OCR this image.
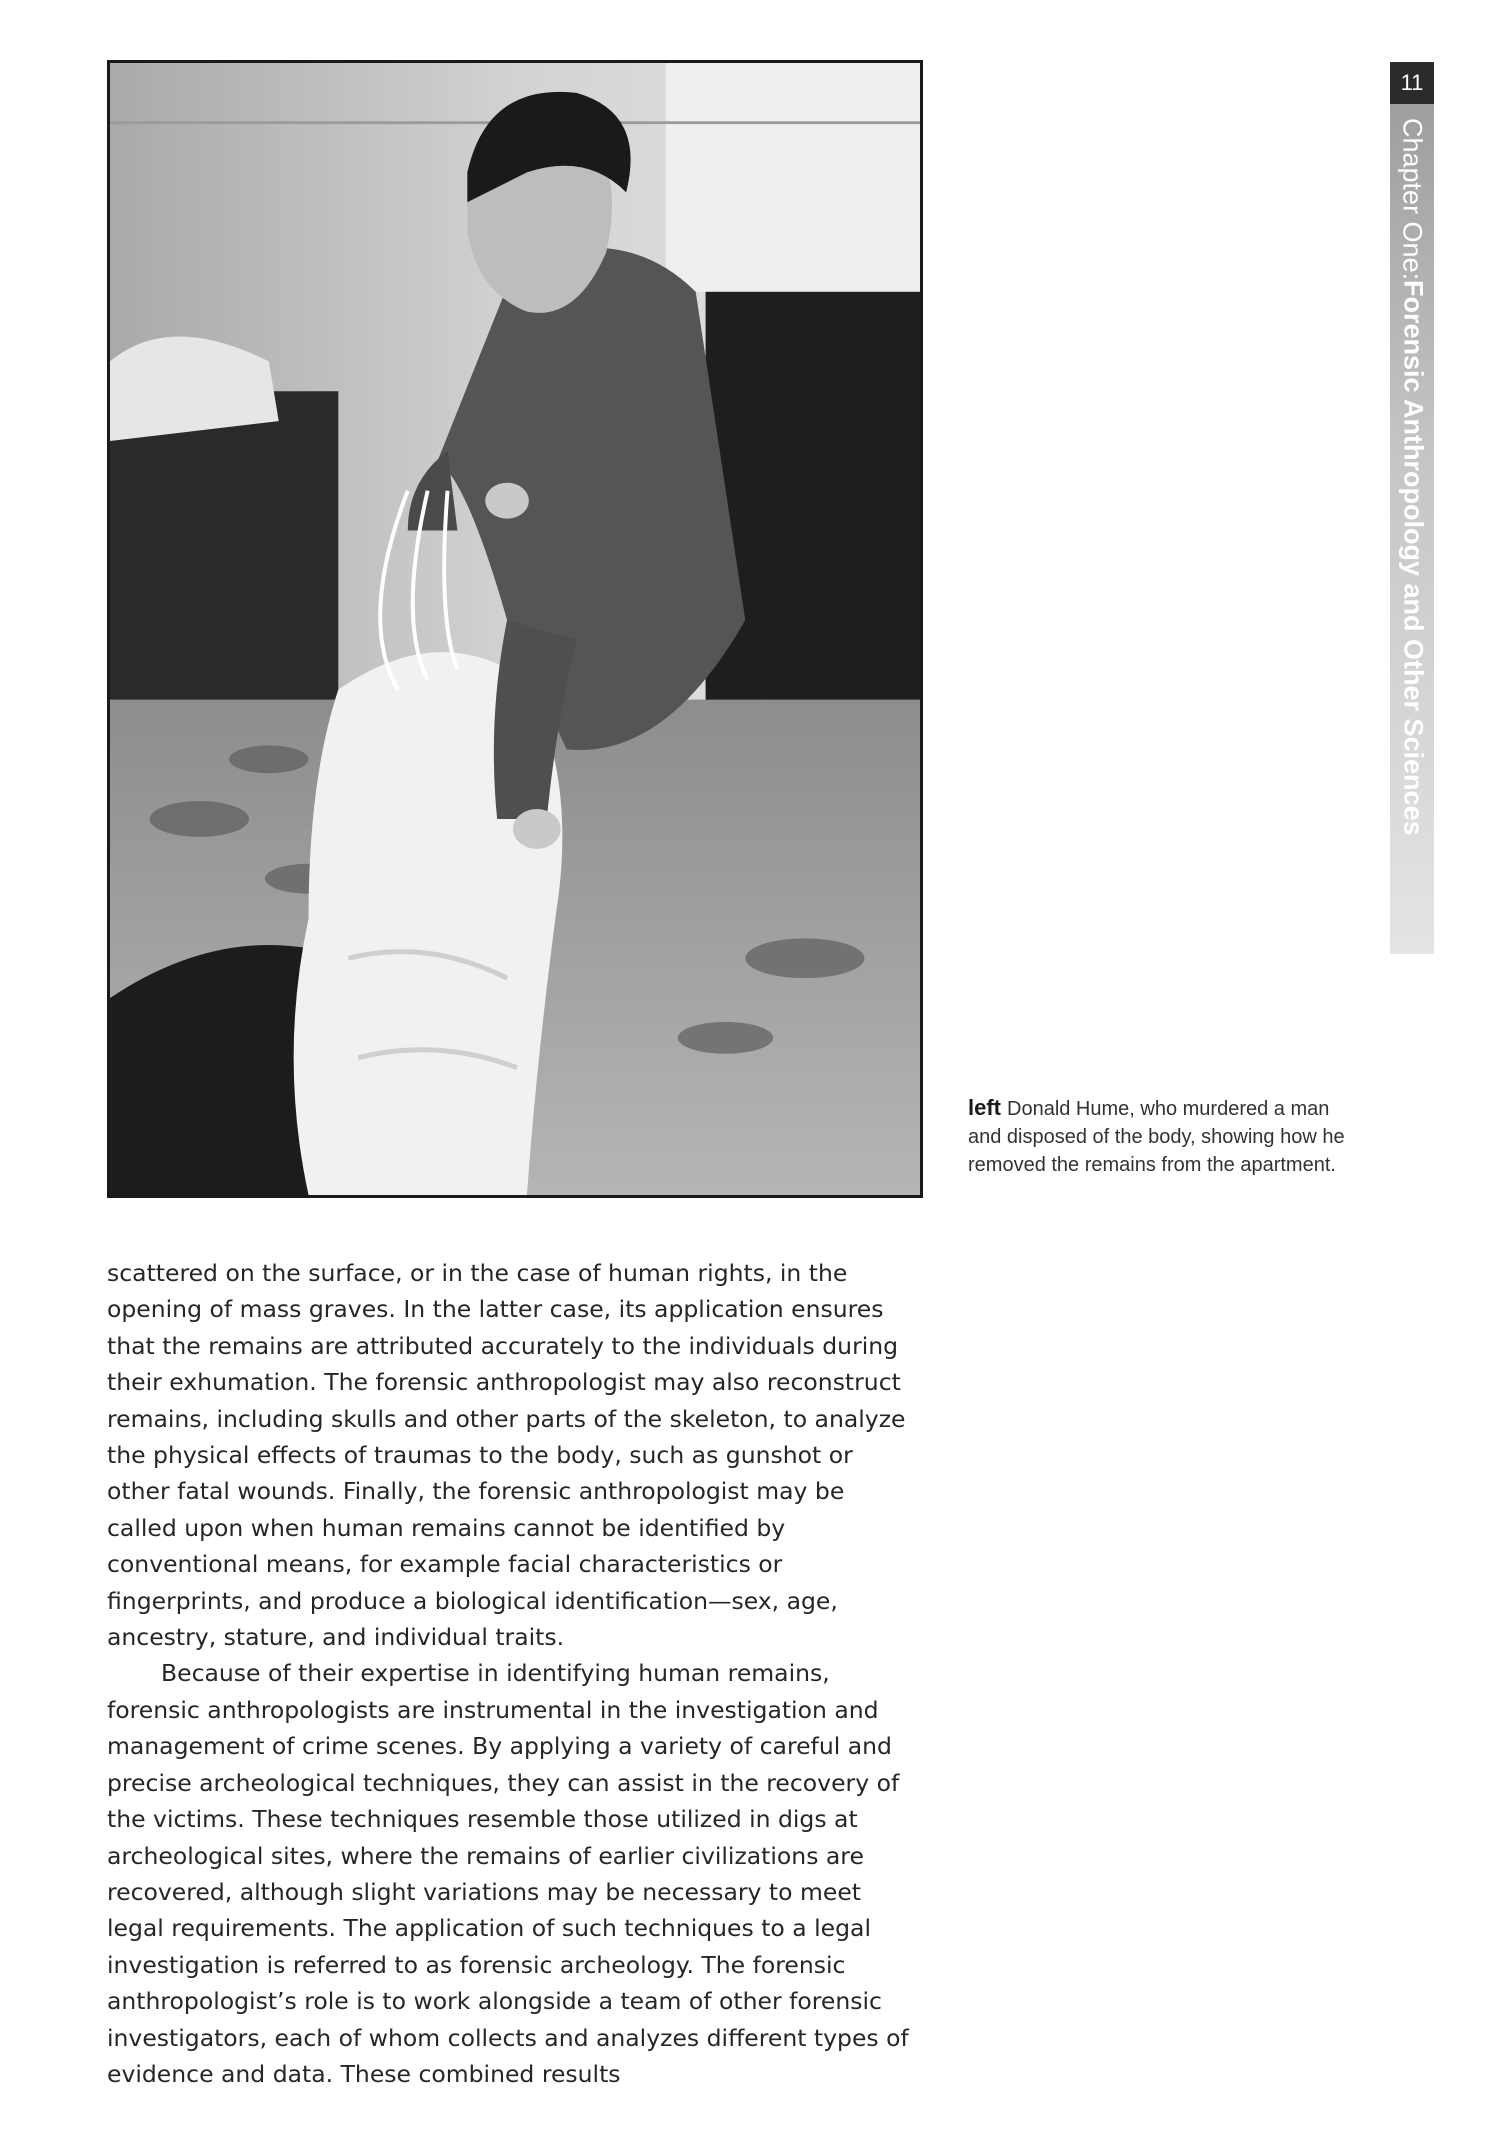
left Donald Hume, who murdered a man and disposed of the body, showing how he removed the remains from the apartment.
11
Chapter One:
Forensic Anthropology and Other Sciences

scattered on the surface, or in the case of human rights, in the opening of mass graves. In the latter case, its application ensures that the remains are attributed accurately to the individuals during their exhumation. The forensic anthropologist may also reconstruct remains, including skulls and other parts of the skeleton, to analyze the physical effects of traumas to the body, such as gunshot or other fatal wounds. Finally, the forensic anthropologist may be called upon when human remains cannot be identified by conventional means, for example facial characteristics or fingerprints, and produce a biological identification—sex, age, ancestry, stature, and individual traits.

Because of their expertise in identifying human remains, forensic anthropologists are instrumental in the investigation and management of crime scenes. By applying a variety of careful and precise archeological techniques, they can assist in the recovery of the victims. These techniques resemble those utilized in digs at archeological sites, where the remains of earlier civilizations are recovered, although slight variations may be necessary to meet legal requirements. The application of such techniques to a legal investigation is referred to as forensic archeology. The forensic anthropologist’s role is to work alongside a team of other forensic investigators, each of whom collects and analyzes different types of evidence and data. These combined results
